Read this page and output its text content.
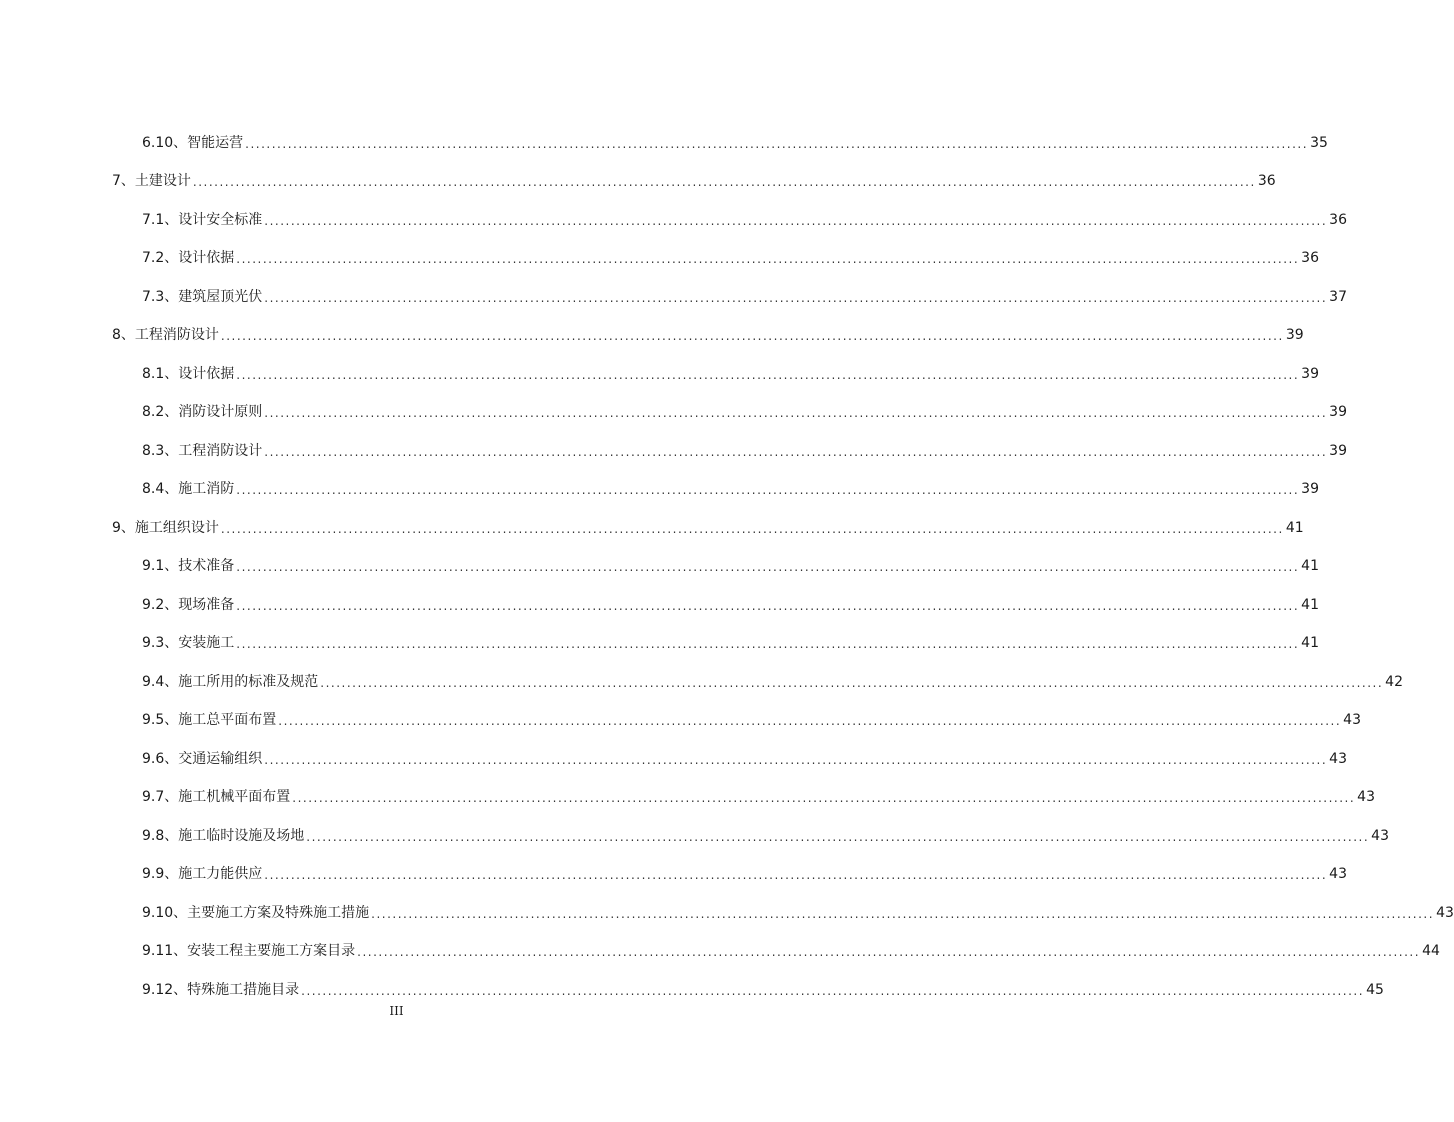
6.10、 智能运营 ........................................................................................................................................................................................................ 35
7、 土建设计 ........................................................................................................................................................................................................ 36
7.1、 设计安全标准 ........................................................................................................................................................................................................ 36
7.2、 设计依据 ........................................................................................................................................................................................................ 36
7.3、 建筑屋顶光伏 ........................................................................................................................................................................................................ 37
8、 工程消防设计 ........................................................................................................................................................................................................ 39
8.1、 设计依据 ........................................................................................................................................................................................................ 39
8.2、 消防设计原则 ........................................................................................................................................................................................................ 39
8.3、 工程消防设计 ........................................................................................................................................................................................................ 39
8.4、 施工消防 ........................................................................................................................................................................................................ 39
9、 施工组织设计 ........................................................................................................................................................................................................ 41
9.1、 技术准备 ........................................................................................................................................................................................................ 41
9.2、 现场准备 ........................................................................................................................................................................................................ 41
9.3、 安装施工 ........................................................................................................................................................................................................ 41
9.4、 施工所用的标准及规范 ........................................................................................................................................................................................................ 42
9.5、 施工总平面布置 ........................................................................................................................................................................................................ 43
9.6、 交通运输组织 ........................................................................................................................................................................................................ 43
9.7、 施工机械平面布置 ........................................................................................................................................................................................................ 43
9.8、 施工临时设施及场地 ........................................................................................................................................................................................................ 43
9.9、 施工力能供应 ........................................................................................................................................................................................................ 43
9.10、 主要施工方案及特殊施工措施 ........................................................................................................................................................................................................ 43
9.11、 安装工程主要施工方案目录 ........................................................................................................................................................................................................ 44
9.12、 特殊施工措施目录 ........................................................................................................................................................................................................ 45
III
